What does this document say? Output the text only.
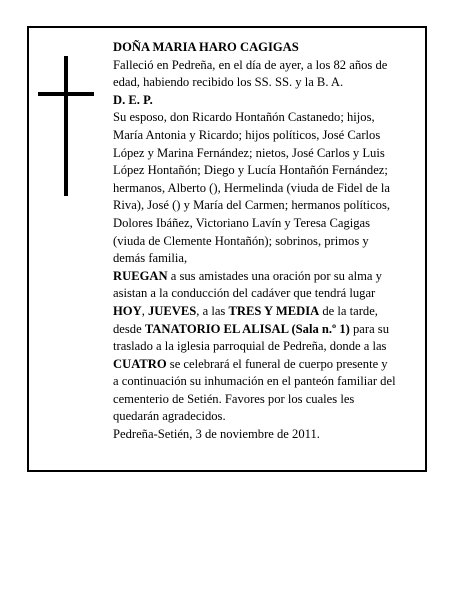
DOÑA MARIA HARO CAGIGAS
Falleció en Pedreña, en el día de ayer, a los 82 años de
edad, habiendo recibido los SS. SS. y la B. A.
D. E. P.
Su esposo, don Ricardo Hontañón Castanedo; hijos,
María Antonia y Ricardo; hijos políticos, José Carlos
López y Marina Fernández; nietos, José Carlos y Luis
López Hontañón; Diego y Lucía Hontañón Fernández;
hermanos, Alberto (), Hermelinda (viuda de Fidel de la
Riva), José () y María del Carmen; hermanos políticos,
Dolores Ibáñez, Victoriano Lavín y Teresa Cagigas
(viuda de Clemente Hontañón); sobrinos, primos y
demás familia,
RUEGAN a sus amistades una oración por su alma y
asistan a la conducción del cadáver que tendrá lugar
HOY, JUEVES, a las TRES Y MEDIA de la tarde,
desde TANATORIO EL ALISAL (Sala n.º 1) para su
traslado a la iglesia parroquial de Pedreña, donde a las
CUATRO se celebrará el funeral de cuerpo presente y
a continuación su inhumación en el panteón familiar del
cementerio de Setién. Favores por los cuales les
quedarán agradecidos.
Pedreña-Setién, 3 de noviembre de 2011.
